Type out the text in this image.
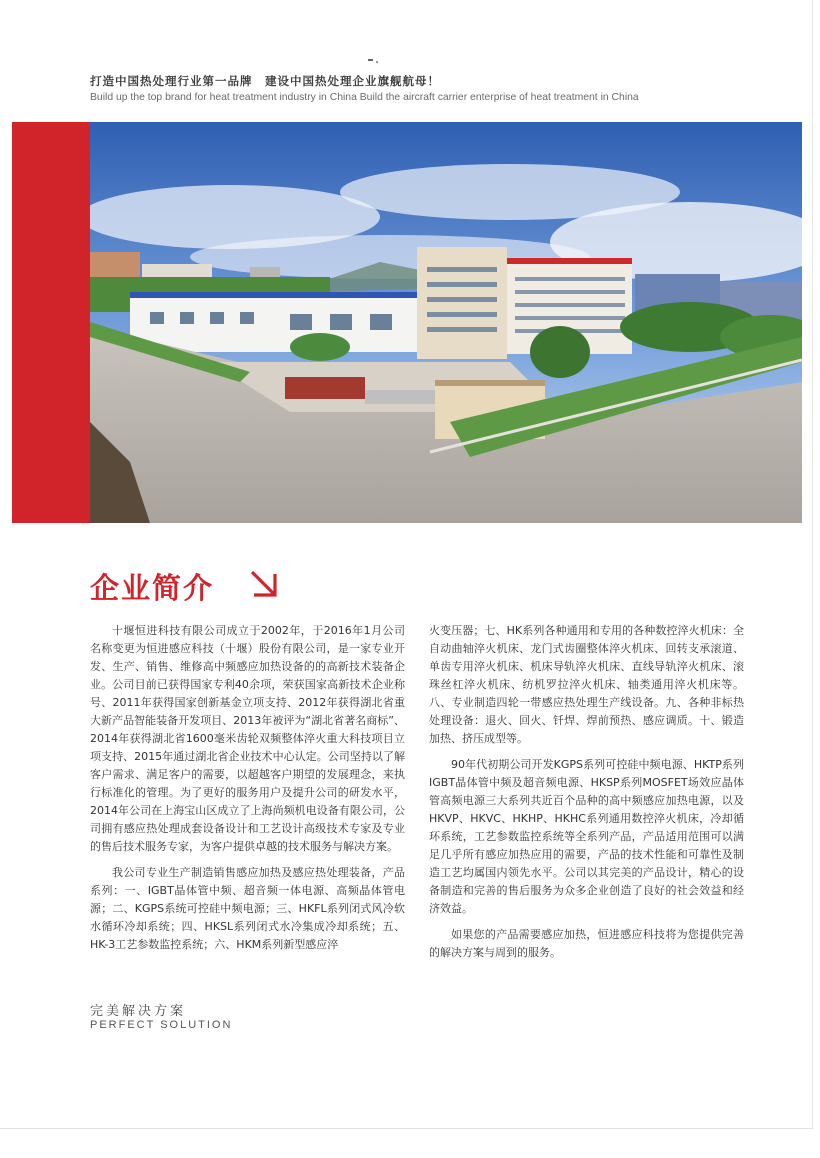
打造中国热处理行业第一品牌　建设中国热处理企业旗舰航母！
Build up the top brand for heat treatment industry in China Build the aircraft carrier enterprise of heat treatment in China
企业简介

十堰恒进科技有限公司成立于2002年，于2016年1月公司名称变更为恒进感应科技（十堰）股份有限公司，是一家专业开发、生产、销售、维修高中频感应加热设备的的高新技术装备企业。公司目前已获得国家专利40余项，荣获国家高新技术企业称号、2011年获得国家创新基金立项支持、2012年获得湖北省重大新产品智能装备开发项目、2013年被评为“湖北省著名商标”、2014年获得湖北省1600毫米齿轮双频整体淬火重大科技项目立项支持、2015年通过湖北省企业技术中心认定。公司坚持以了解客户需求、满足客户的需要，以超越客户期望的发展理念，来执行标准化的管理。为了更好的服务用户及提升公司的研发水平，2014年公司在上海宝山区成立了上海尚频机电设备有限公司，公司拥有感应热处理成套设备设计和工艺设计高级技术专家及专业的售后技术服务专家，为客户提供卓越的技术服务与解决方案。

我公司专业生产制造销售感应加热及感应热处理装备，产品系列：一、IGBT晶体管中频、超音频一体电源、高频晶体管电源；二、KGPS系统可控硅中频电源；三、HKFL系列闭式风冷软水循环冷却系统；四、HKSL系列闭式水冷集成冷却系统；五、HK-3工艺参数监控系统；六、HKM系列新型感应淬

火变压器；七、HK系列各种通用和专用的各种数控淬火机床：全自动曲轴淬火机床、龙门式齿圈整体淬火机床、回转支承滚道、单齿专用淬火机床、机床导轨淬火机床、直线导轨淬火机床、滚珠丝杠淬火机床、纺机罗拉淬火机床、轴类通用淬火机床等。八、专业制造四轮一带感应热处理生产线设备。九、各种非标热处理设备：退火、回火、钎焊、焊前预热、感应调质。十、锻造加热、挤压成型等。

90年代初期公司开发KGPS系列可控硅中频电源、HKTP系列IGBT晶体管中频及超音频电源、HKSP系列MOSFET场效应晶体管高频电源三大系列共近百个品种的高中频感应加热电源，以及HKVP、HKVC、HKHP、HKHC系列通用数控淬火机床，冷却循环系统，工艺参数监控系统等全系列产品，产品适用范围可以满足几乎所有感应加热应用的需要，产品的技术性能和可靠性及制造工艺均属国内领先水平。公司以其完美的产品设计，精心的设备制造和完善的售后服务为众多企业创造了良好的社会效益和经济效益。

如果您的产品需要感应加热，恒进感应科技将为您提供完善的解决方案与周到的服务。

完美解决方案
PERFECT SOLUTION
